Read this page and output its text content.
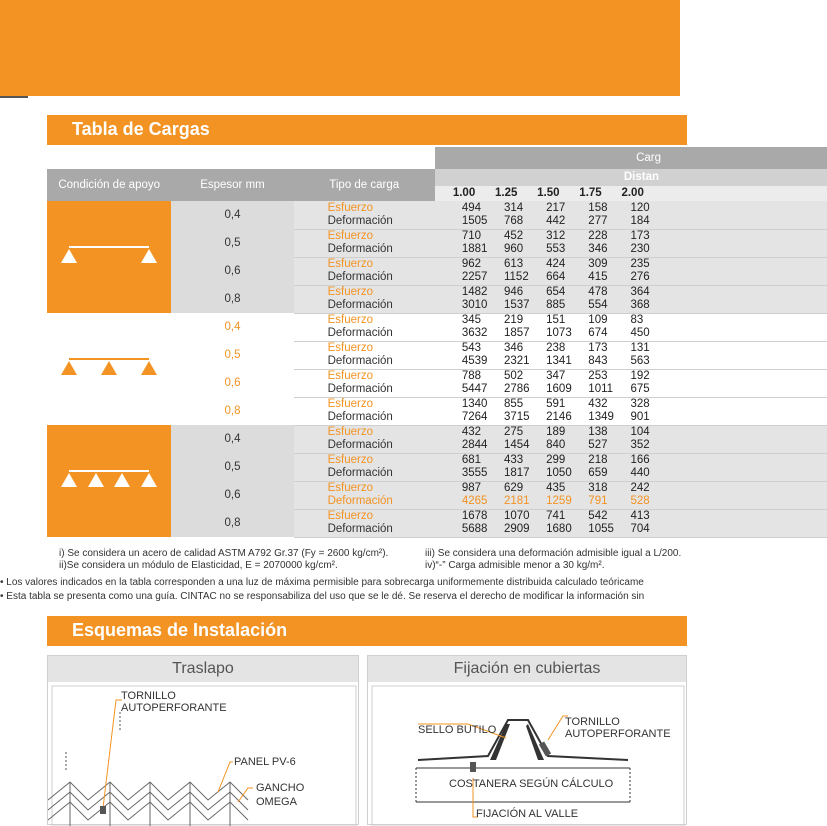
Tabla de Cargas
			Carg					
Condición de apoyo	Espesor mm	Tipo de carga	Distan					
			1.00	1.25	1.50	1.75	2.00	
	0,4	Esfuerzo	494	314	217	158	120	
		Deformación	1505	768	442	277	184	
	0,5	Esfuerzo	710	452	312	228	173	
		Deformación	1881	960	553	346	230	
	0,6	Esfuerzo	962	613	424	309	235	
		Deformación	2257	1152	664	415	276	
	0,8	Esfuerzo	1482	946	654	478	364	
		Deformación	3010	1537	885	554	368	
	0,4	Esfuerzo	345	219	151	109	83	
		Deformación	3632	1857	1073	674	450	
	0,5	Esfuerzo	543	346	238	173	131	
		Deformación	4539	2321	1341	843	563	
	0,6	Esfuerzo	788	502	347	253	192	
		Deformación	5447	2786	1609	1011	675	
	0,8	Esfuerzo	1340	855	591	432	328	
		Deformación	7264	3715	2146	1349	901	
	0,4	Esfuerzo	432	275	189	138	104	
		Deformación	2844	1454	840	527	352	
	0,5	Esfuerzo	681	433	299	218	166	
		Deformación	3555	1817	1050	659	440	
	0,6	Esfuerzo	987	629	435	318	242	
		Deformación	4265	2181	1259	791	528	
	0,8	Esfuerzo	1678	1070	741	542	413	
		Deformación	5688	2909	1680	1055	704	
i) Se considera un acero de calidad ASTM A792 Gr.37 (Fy = 2600 kg/cm²).
ii)Se considera un módulo de Elasticidad, E = 2070000 kg/cm².
iii) Se considera una deformación admisible igual a L/200.
iv)“-” Carga admisible menor a 30 kg/m².
• Los valores indicados en la tabla corresponden a una luz de máxima permisible para sobrecarga uniformemente distribuida calculado teóricame
• Esta tabla se presenta como una guía. CINTAC no se responsabiliza del uso que se le dé. Se reserva el derecho de modificar la información sin
Esquemas de Instalación
Traslapo
TORNILLO
AUTOPERFORANTE
PANEL PV-6
GANCHO
OMEGA
Fijación en cubiertas
SELLO BUTILO
TORNILLO
AUTOPERFORANTE
COSTANERA SEGÚN CÁLCULO
FIJACIÓN AL VALLE
